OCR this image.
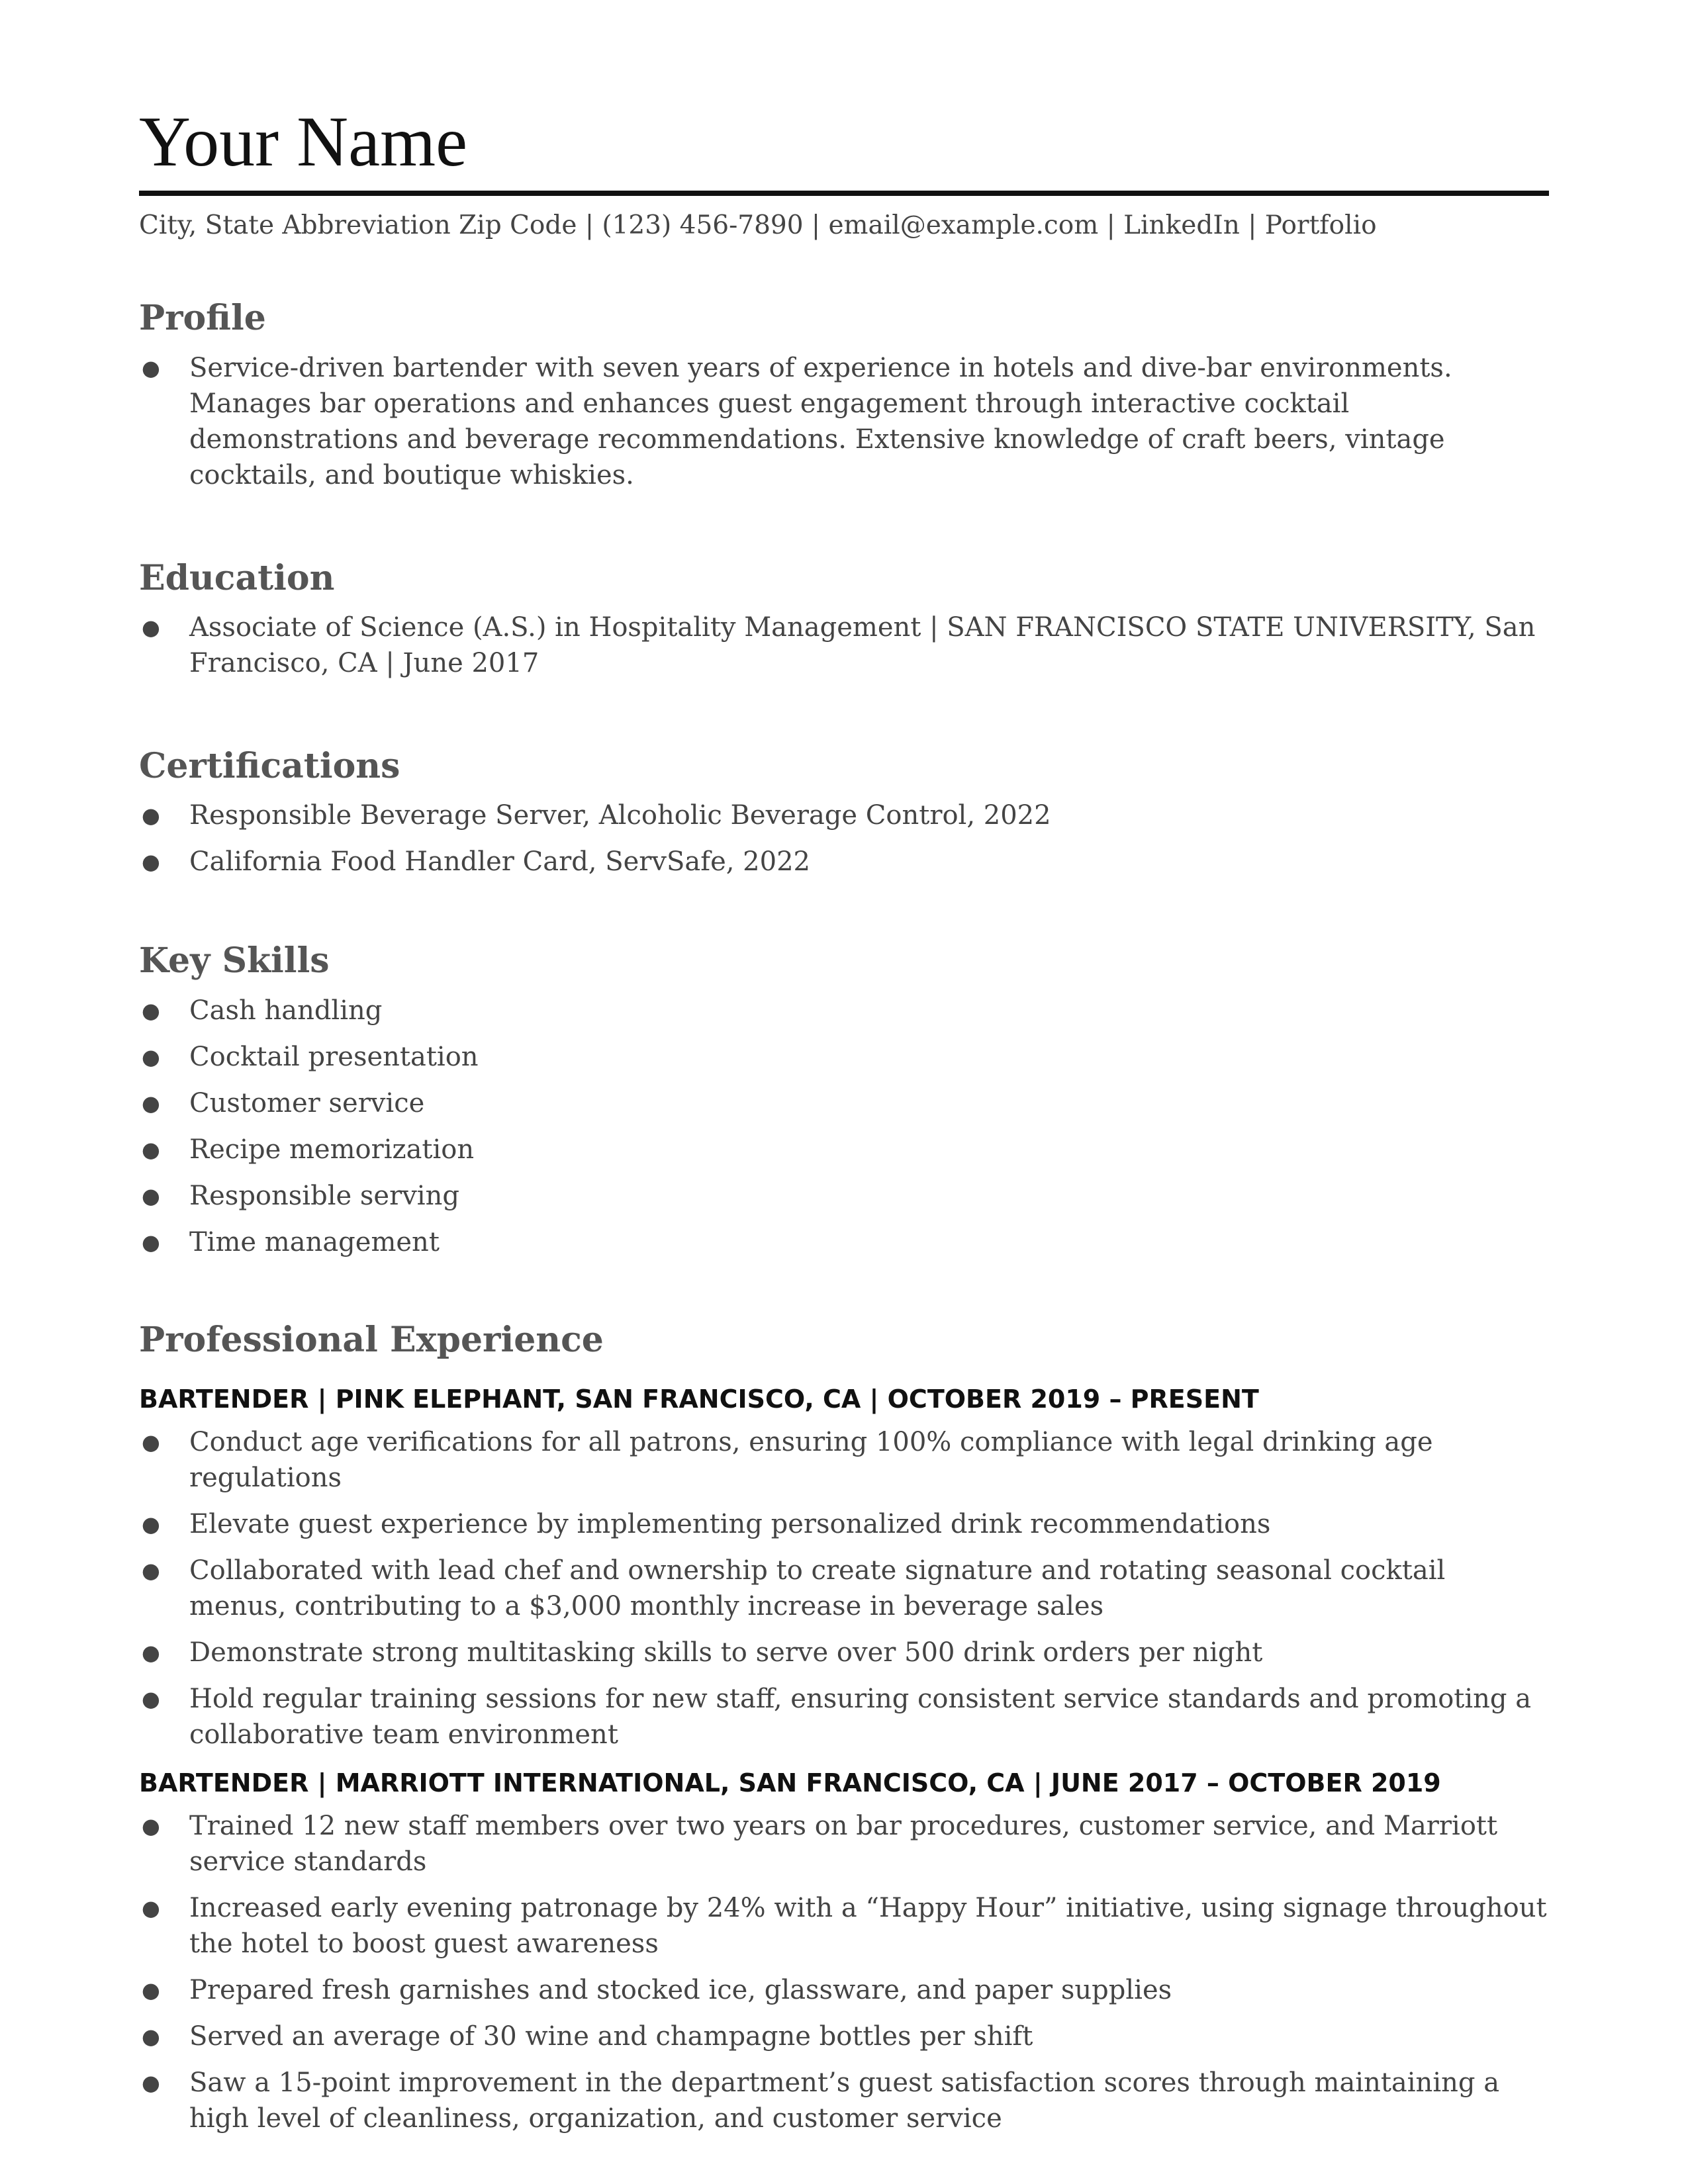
Your Name
City, State Abbreviation Zip Code | (123) 456-7890 | email@example.com | LinkedIn | Portfolio
Profile
● Service-driven bartender with seven years of experience in hotels and dive-bar environments. Manages bar operations and enhances guest engagement through interactive cocktail demonstrations and beverage recommendations. Extensive knowledge of craft beers, vintage cocktails, and boutique whiskies.
Education
● Associate of Science (A.S.) in Hospitality Management | SAN FRANCISCO STATE UNIVERSITY, San Francisco, CA | June 2017
Certifications
● Responsible Beverage Server, Alcoholic Beverage Control, 2022
● California Food Handler Card, ServSafe, 2022
Key Skills
● Cash handling
● Cocktail presentation
● Customer service
● Recipe memorization
● Responsible serving
● Time management
Professional Experience
BARTENDER | PINK ELEPHANT, SAN FRANCISCO, CA | OCTOBER 2019 – PRESENT
● Conduct age verifications for all patrons, ensuring 100% compliance with legal drinking age regulations
● Elevate guest experience by implementing personalized drink recommendations
● Collaborated with lead chef and ownership to create signature and rotating seasonal cocktail menus, contributing to a $3,000 monthly increase in beverage sales
● Demonstrate strong multitasking skills to serve over 500 drink orders per night
● Hold regular training sessions for new staff, ensuring consistent service standards and promoting a collaborative team environment
BARTENDER | MARRIOTT INTERNATIONAL, SAN FRANCISCO, CA | JUNE 2017 – OCTOBER 2019
● Trained 12 new staff members over two years on bar procedures, customer service, and Marriott service standards
● Increased early evening patronage by 24% with a “Happy Hour” initiative, using signage throughout the hotel to boost guest awareness
● Prepared fresh garnishes and stocked ice, glassware, and paper supplies
● Served an average of 30 wine and champagne bottles per shift
● Saw a 15-point improvement in the department’s guest satisfaction scores through maintaining a high level of cleanliness, organization, and customer service
